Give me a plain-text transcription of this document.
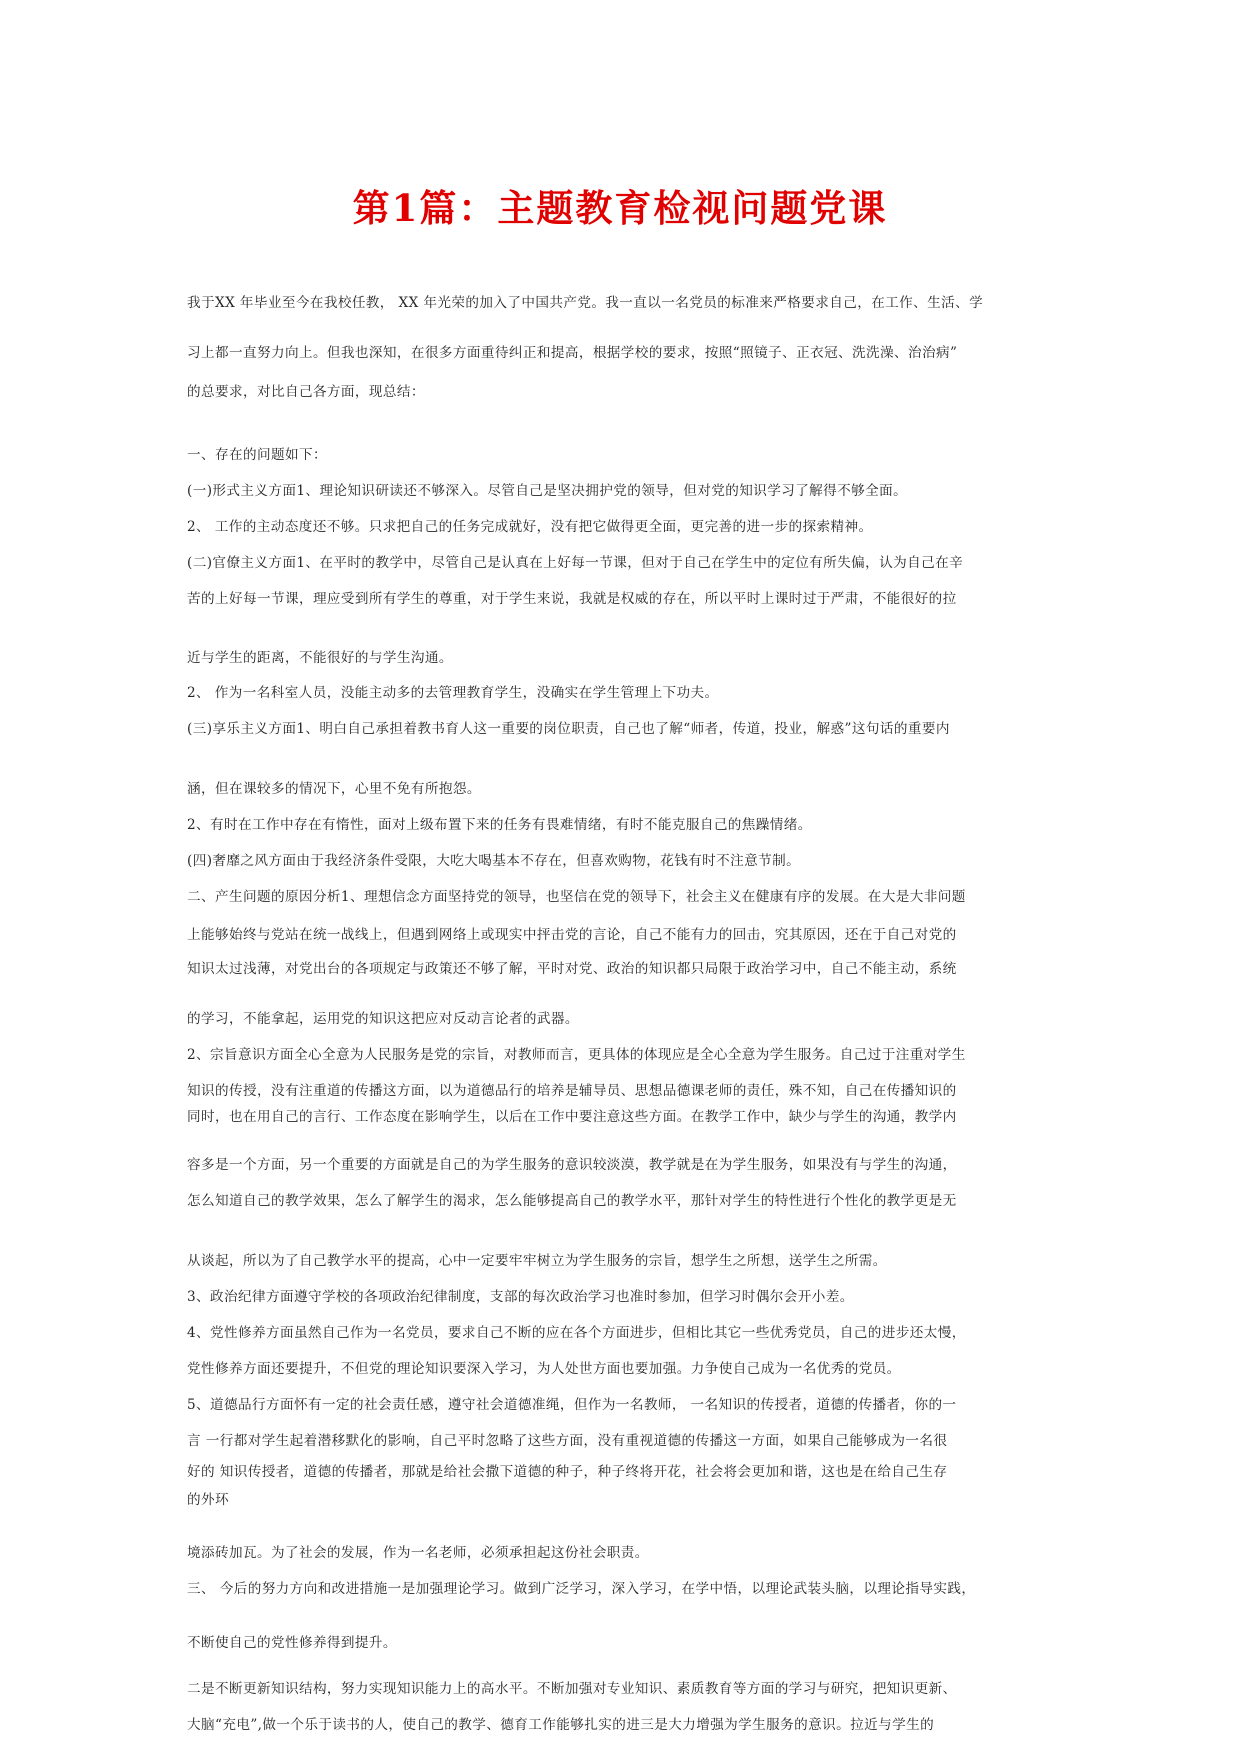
第1篇：主题教育检视问题党课
我于XX 年毕业至今在我校任教， XX 年光荣的加入了中国共产党。我一直以一名党员的标准来严格要求自己，在工作、生活、学
习上都一直努力向上。但我也深知，在很多方面重待纠正和提高，根据学校的要求，按照“照镜子、正衣冠、洗洗澡、治治病”
的总要求，对比自己各方面，现总结：
一、存在的问题如下：
(一)形式主义方面1、理论知识研读还不够深入。尽管自己是坚决拥护党的领导，但对党的知识学习了解得不够全面。
2、 工作的主动态度还不够。只求把自己的任务完成就好，没有把它做得更全面，更完善的进一步的探索精神。
(二)官僚主义方面1、在平时的教学中，尽管自己是认真在上好每一节课，但对于自己在学生中的定位有所失偏，认为自己在辛
苦的上好每一节课，理应受到所有学生的尊重，对于学生来说，我就是权威的存在，所以平时上课时过于严肃，不能很好的拉
近与学生的距离，不能很好的与学生沟通。
2、 作为一名科室人员，没能主动多的去管理教育学生，没确实在学生管理上下功夫。
(三)享乐主义方面1、明白自己承担着教书育人这一重要的岗位职责，自己也了解“师者，传道，投业，解惑”这句话的重要内
涵，但在课较多的情况下，心里不免有所抱怨。
2、有时在工作中存在有惰性，面对上级布置下来的任务有畏难情绪，有时不能克服自己的焦躁情绪。
(四)奢靡之风方面由于我经济条件受限，大吃大喝基本不存在，但喜欢购物，花钱有时不注意节制。
二、产生问题的原因分析1、理想信念方面坚持党的领导，也坚信在党的领导下，社会主义在健康有序的发展。在大是大非问题
上能够始终与党站在统一战线上，但遇到网络上或现实中抨击党的言论，自己不能有力的回击，究其原因，还在于自己对党的
知识太过浅薄，对党出台的各项规定与政策还不够了解，平时对党、政治的知识都只局限于政治学习中，自己不能主动，系统
的学习，不能拿起，运用党的知识这把应对反动言论者的武器。
2、宗旨意识方面全心全意为人民服务是党的宗旨，对教师而言，更具体的体现应是全心全意为学生服务。自己过于注重对学生
知识的传授，没有注重道的传播这方面，以为道德品行的培养是辅导员、思想品德课老师的责任，殊不知，自己在传播知识的
同时，也在用自己的言行、工作态度在影响学生，以后在工作中要注意这些方面。在教学工作中，缺少与学生的沟通，教学内
容多是一个方面，另一个重要的方面就是自己的为学生服务的意识较淡漠，教学就是在为学生服务，如果没有与学生的沟通，
怎么知道自己的教学效果，怎么了解学生的渴求，怎么能够提高自己的教学水平，那针对学生的特性进行个性化的教学更是无
从谈起，所以为了自己教学水平的提高，心中一定要牢牢树立为学生服务的宗旨，想学生之所想，送学生之所需。
3、政治纪律方面遵守学校的各项政治纪律制度，支部的每次政治学习也准时参加，但学习时偶尔会开小差。
4、党性修养方面虽然自己作为一名党员，要求自己不断的应在各个方面进步，但相比其它一些优秀党员，自己的进步还太慢，
党性修养方面还要提升，不但党的理论知识要深入学习，为人处世方面也要加强。力争使自己成为一名优秀的党员。
5、道德品行方面怀有一定的社会责任感，遵守社会道德准绳，但作为一名教师， 一名知识的传授者，道德的传播者，你的一
言 一行都对学生起着潜移默化的影响，自己平时忽略了这些方面，没有重视道德的传播这一方面，如果自己能够成为一名很
好的 知识传授者，道德的传播者，那就是给社会撒下道德的种子，种子终将开花，社会将会更加和谐，这也是在给自己生存
的外环
境添砖加瓦。为了社会的发展，作为一名老师，必须承担起这份社会职责。
三、 今后的努力方向和改进措施一是加强理论学习。做到广泛学习，深入学习，在学中悟，以理论武装头脑，以理论指导实践，
不断使自己的党性修养得到提升。
二是不断更新知识结构，努力实现知识能力上的高水平。不断加强对专业知识、素质教育等方面的学习与研究，把知识更新、
大脑“充电”,做一个乐于读书的人，使自己的教学、德育工作能够扎实的进三是大力增强为学生服务的意识。拉近与学生的
